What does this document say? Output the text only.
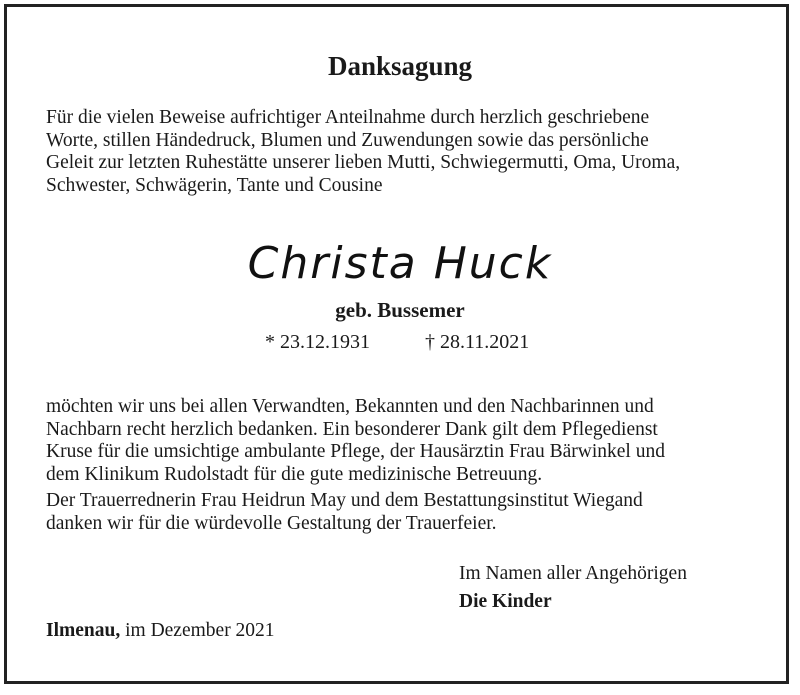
Danksagung
Für die vielen Beweise aufrichtiger Anteilnahme durch herzlich geschriebene
Worte, stillen Händedruck, Blumen und Zuwendungen sowie das persönliche
Geleit zur letzten Ruhestätte unserer lieben Mutti, Schwiegermutti, Oma, Uroma,
Schwester, Schwägerin, Tante und Cousine
Christa Huck
geb. Bussemer
* 23.12.1931	† 28.11.2021
möchten wir uns bei allen Verwandten, Bekannten und den Nachbarinnen und
Nachbarn recht herzlich bedanken. Ein besonderer Dank gilt dem Pflegedienst
Kruse für die umsichtige ambulante Pflege, der Hausärztin Frau Bärwinkel und
dem Klinikum Rudolstadt für die gute medizinische Betreuung.
Der Trauerrednerin Frau Heidrun May und dem Bestattungsinstitut Wiegand
danken wir für die würdevolle Gestaltung der Trauerfeier.
Im Namen aller Angehörigen
Die Kinder
Ilmenau, im Dezember 2021
